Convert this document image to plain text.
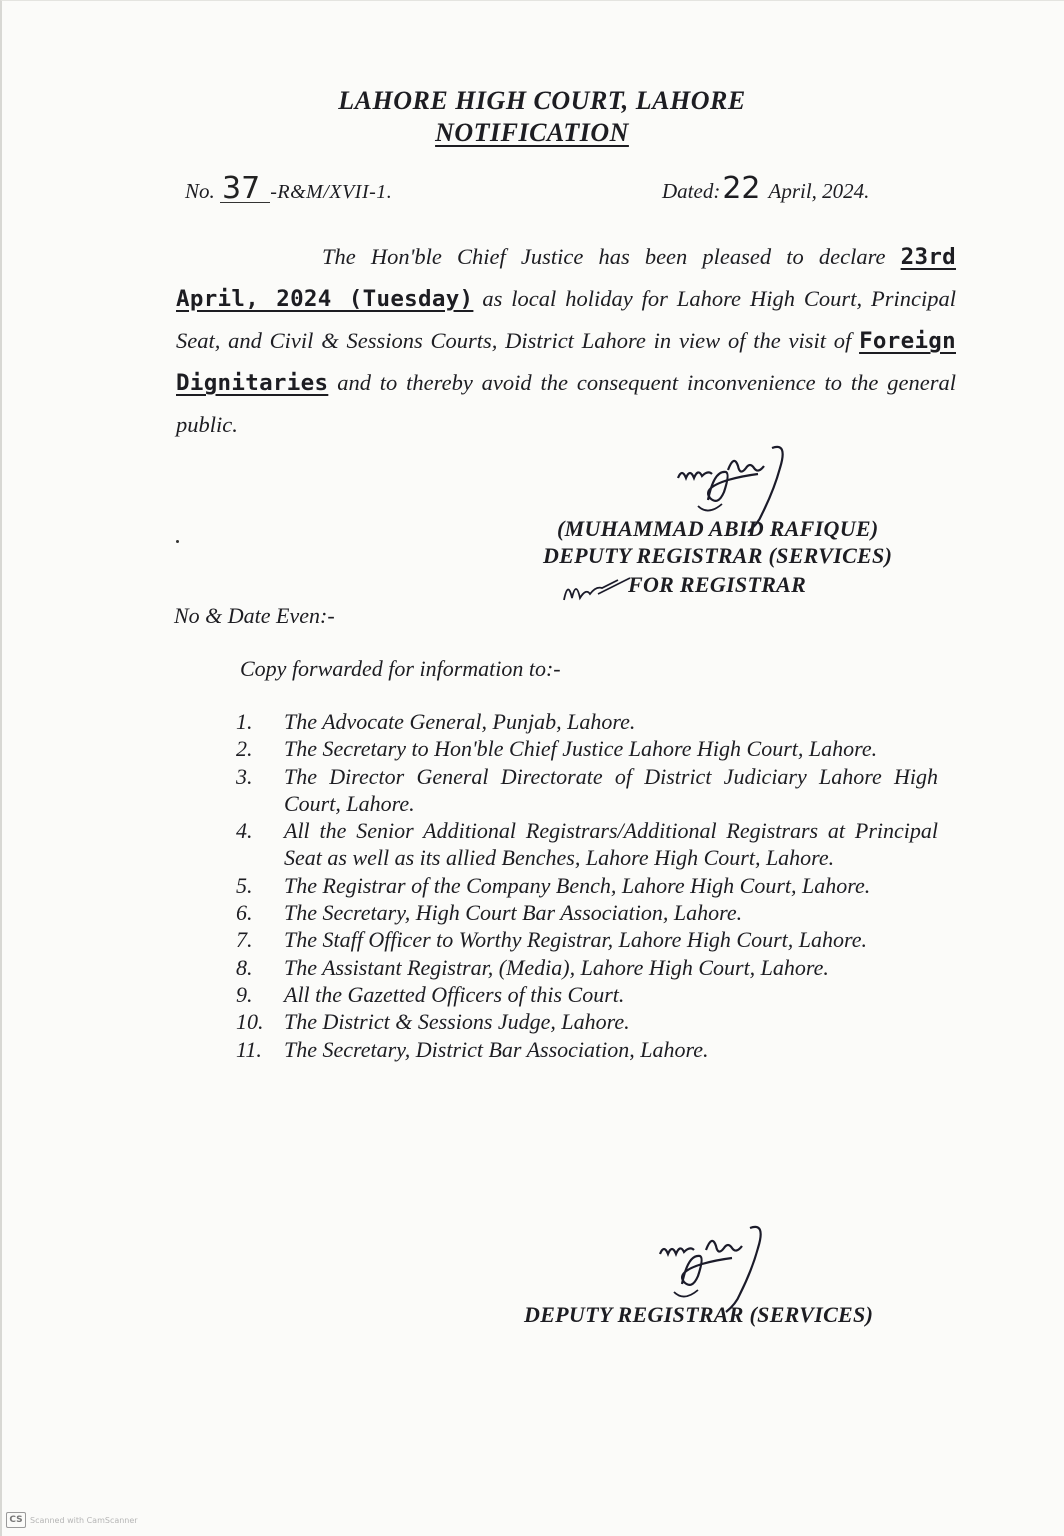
LAHORE HIGH COURT, LAHORE
NOTIFICATION
No. 37 -R&M/XVII-1.	Dated:22 April, 2024.
The Hon'ble Chief Justice has been pleased to declare 23rd April, 2024 (Tuesday) as local holiday for Lahore High Court, Principal Seat, and Civil & Sessions Courts, District Lahore in view of the visit of Foreign Dignitaries and to thereby avoid the consequent inconvenience to the general public.
(MUHAMMAD ABID RAFIQUE)
DEPUTY REGISTRAR (SERVICES)
FOR REGISTRAR
No & Date Even:-
Copy forwarded for information to:-
1.	The Advocate General, Punjab, Lahore.
2.	The Secretary to Hon'ble Chief Justice Lahore High Court, Lahore.
3.	The Director General Directorate of District Judiciary Lahore High Court, Lahore.
4.	All the Senior Additional Registrars/Additional Registrars at Principal Seat as well as its allied Benches, Lahore High Court, Lahore.
5.	The Registrar of the Company Bench, Lahore High Court, Lahore.
6.	The Secretary, High Court Bar Association, Lahore.
7.	The Staff Officer to Worthy Registrar, Lahore High Court, Lahore.
8.	The Assistant Registrar, (Media), Lahore High Court, Lahore.
9.	All the Gazetted Officers of this Court.
10. The District & Sessions Judge, Lahore.
11.	The Secretary, District Bar Association, Lahore.
DEPUTY REGISTRAR (SERVICES)
CS Scanned with CamScanner
